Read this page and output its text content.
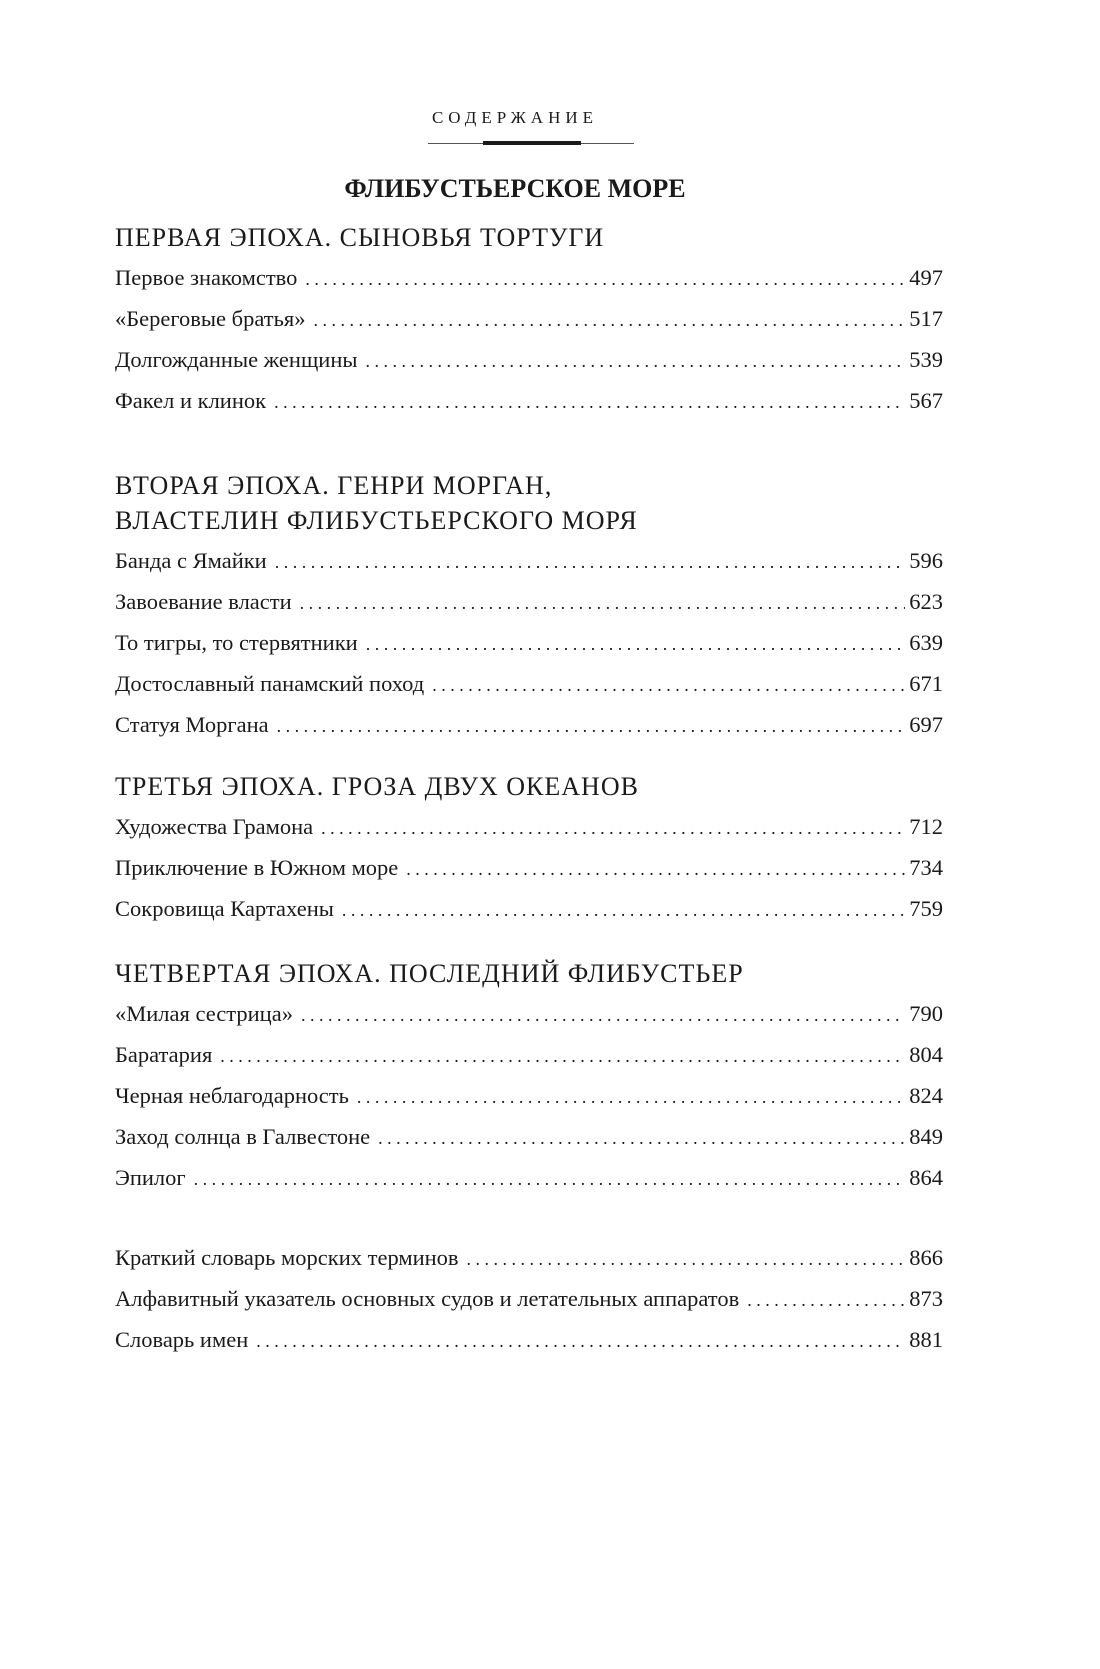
СОДЕРЖАНИЕ
ФЛИБУСТЬЕРСКОЕ МОРЕ
ПЕРВАЯ ЭПОХА. СЫНОВЬЯ ТОРТУГИ
Первое знакомство . . .	497
«Береговые братья» . . .	517
Долгожданные женщины . . .	539
Факел и клинок . . .	567
ВТОРАЯ ЭПОХА. ГЕНРИ МОРГАН,
ВЛАСТЕЛИН ФЛИБУСТЬЕРСКОГО МОРЯ
Банда с Ямайки . . .	596
Завоевание власти . . .	623
То тигры, то стервятники . . .	639
Достославный панамский поход . . .	671
Статуя Моргана . . .	697
ТРЕТЬЯ ЭПОХА. ГРОЗА ДВУХ ОКЕАНОВ
Художества Грамона . . .	712
Приключение в Южном море . . .	734
Сокровища Картахены . . .	759
ЧЕТВЕРТАЯ ЭПОХА. ПОСЛЕДНИЙ ФЛИБУСТЬЕР
«Милая сестрица» . . .	790
Баратария . . .	804
Черная неблагодарность . . .	824
Заход солнца в Галвестоне . . .	849
Эпилог . . .	864
Краткий словарь морских терминов . . .	866
Алфавитный указатель основных судов и летательных аппаратов . . .	873
Словарь имен . . .	881
